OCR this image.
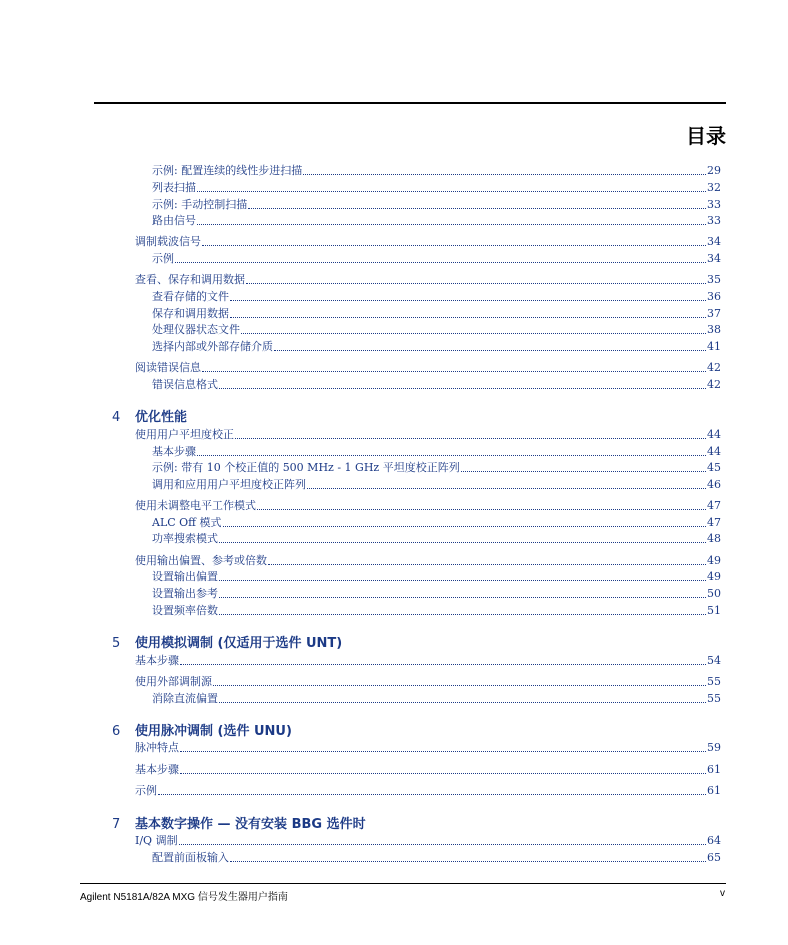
目录
示例: 配置连续的线性步进扫描	29
列表扫描	32
示例: 手动控制扫描	33
路由信号	33
调制载波信号	34
示例	34
查看、保存和调用数据	35
查看存储的文件	36
保存和调用数据	37
处理仪器状态文件	38
选择内部或外部存储介质	41
阅读错误信息	42
错误信息格式	42
4 优化性能
使用用户平坦度校正	44
基本步骤	44
示例: 带有 10 个校正值的 500 MHz - 1 GHz 平坦度校正阵列	45
调用和应用用户平坦度校正阵列	46
使用未调整电平工作模式	47
ALC Off 模式	47
功率搜索模式	48
使用输出偏置、参考或倍数	49
设置输出偏置	49
设置输出参考	50
设置频率倍数	51
5 使用模拟调制 (仅适用于选件 UNT)
基本步骤	54
使用外部调制源	55
消除直流偏置	55
6 使用脉冲调制 (选件 UNU)
脉冲特点	59
基本步骤	61
示例	61
7 基本数字操作 — 没有安装 BBG 选件时
I/Q 调制	64
配置前面板输入	65
Agilent N5181A/82A MXG 信号发生器用户指南	v
